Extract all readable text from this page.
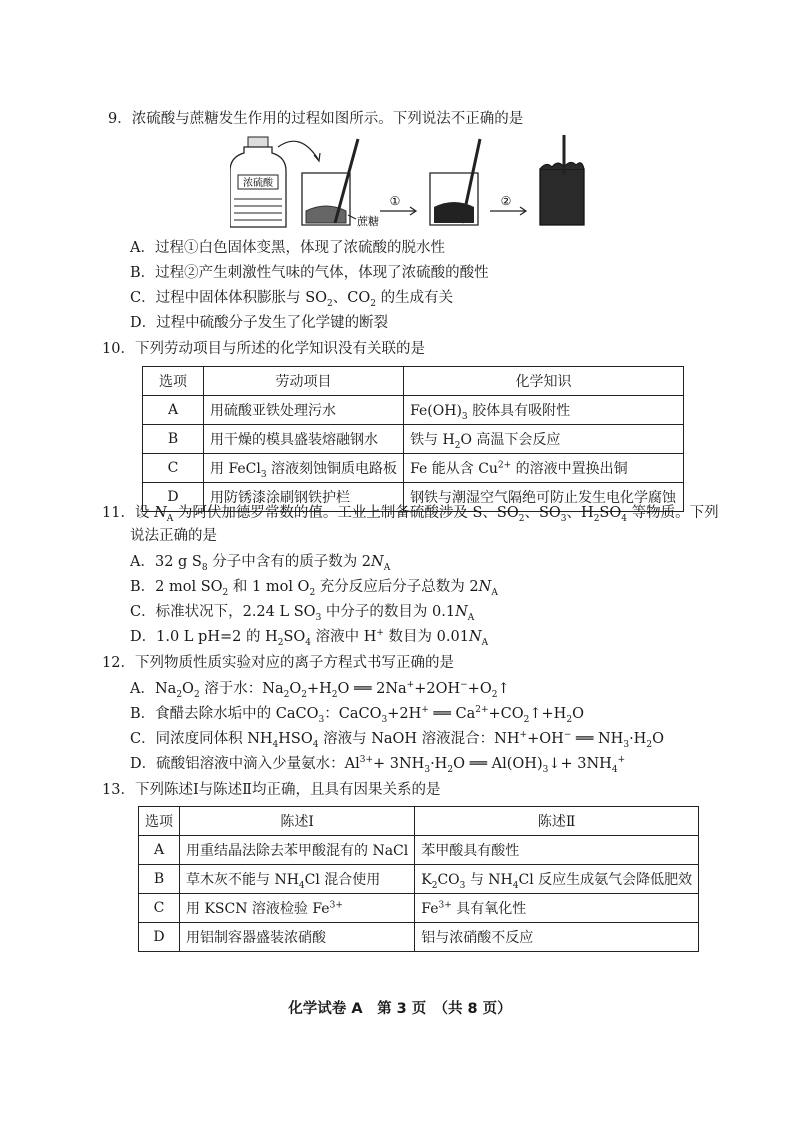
9．浓硫酸与蔗糖发生作用的过程如图所示。下列说法不正确的是
浓硫酸
蔗糖
①	②
A．过程①白色固体变黑，体现了浓硫酸的脱水性
B．过程②产生刺激性气味的气体，体现了浓硫酸的酸性
C．过程中固体体积膨胀与 $SO_2$、$CO_2$ 的生成有关
D．过程中硫酸分子发生了化学键的断裂
10．下列劳动项目与所述的化学知识没有关联的是
选项	劳动项目	化学知识
A	用硫酸亚铁处理污水	$Fe(OH)_3$ 胶体具有吸附性
B	用干燥的模具盛装熔融钢水	铁与 $H_2O$ 高温下会反应
C	用 FeCl$_3$ 溶液刻蚀铜质电路板	Fe 能从含 $Cu^{2+}$ 的溶液中置换出铜
D	用防锈漆涂刷钢铁护栏	钢铁与潮湿空气隔绝可防止发生电化学腐蚀
11．设 $N_A$ 为阿伏加德罗常数的值。工业上制备硫酸涉及 S、$SO_2$、$SO_3$、$H_2SO_4$ 等物质。下列
说法正确的是
A．32 g $S_8$ 分子中含有的质子数为 $2N_A$
B．2 mol $SO_2$ 和 1 mol $O_2$ 充分反应后分子总数为 $2N_A$
C．标准状况下，2.24 L $SO_3$ 中分子的数目为 $0.1N_A$
D．1.0 L pH=2 的 $H_2SO_4$ 溶液中 H+ 数目为 $0.01N_A$
12．下列物质性质实验对应的离子方程式书写正确的是
A．$Na_2O_2$ 溶于水：$Na_2O_2+H_2O$ ══ $2Na^++2OH^-+O_2↑$
B．食醋去除水垢中的 CaCO$_3$：CaCO$_3$+2H+ ══ $Ca^{2+}+CO_2↑+H_2O$
C．同浓度同体积 $NH_4HSO_4$ 溶液与 NaOH 溶液混合：NH++OH− ══ $NH_3\cdot H_2O$
D．硫酸铝溶液中滴入少量氨水：$Al^{3+}+ 3NH_3\cdot H_2O$ ══ $Al(OH)_3↓+ 3NH_4^+$
13．下列陈述Ⅰ与陈述Ⅱ均正确，且具有因果关系的是
选项	陈述Ⅰ	陈述Ⅱ
A	用重结晶法除去苯甲酸混有的 NaCl	苯甲酸具有酸性
B	草木灰不能与 $NH_4Cl$ 混合使用	$K_2CO_3$ 与 $NH_4Cl$ 反应生成氨气会降低肥效
C	用 KSCN 溶液检验 $Fe^{3+}$	$Fe^{3+}$ 具有氧化性
D	用铝制容器盛装浓硝酸	铝与浓硝酸不反应
化学试卷 A　第 3 页　（共 8 页）
